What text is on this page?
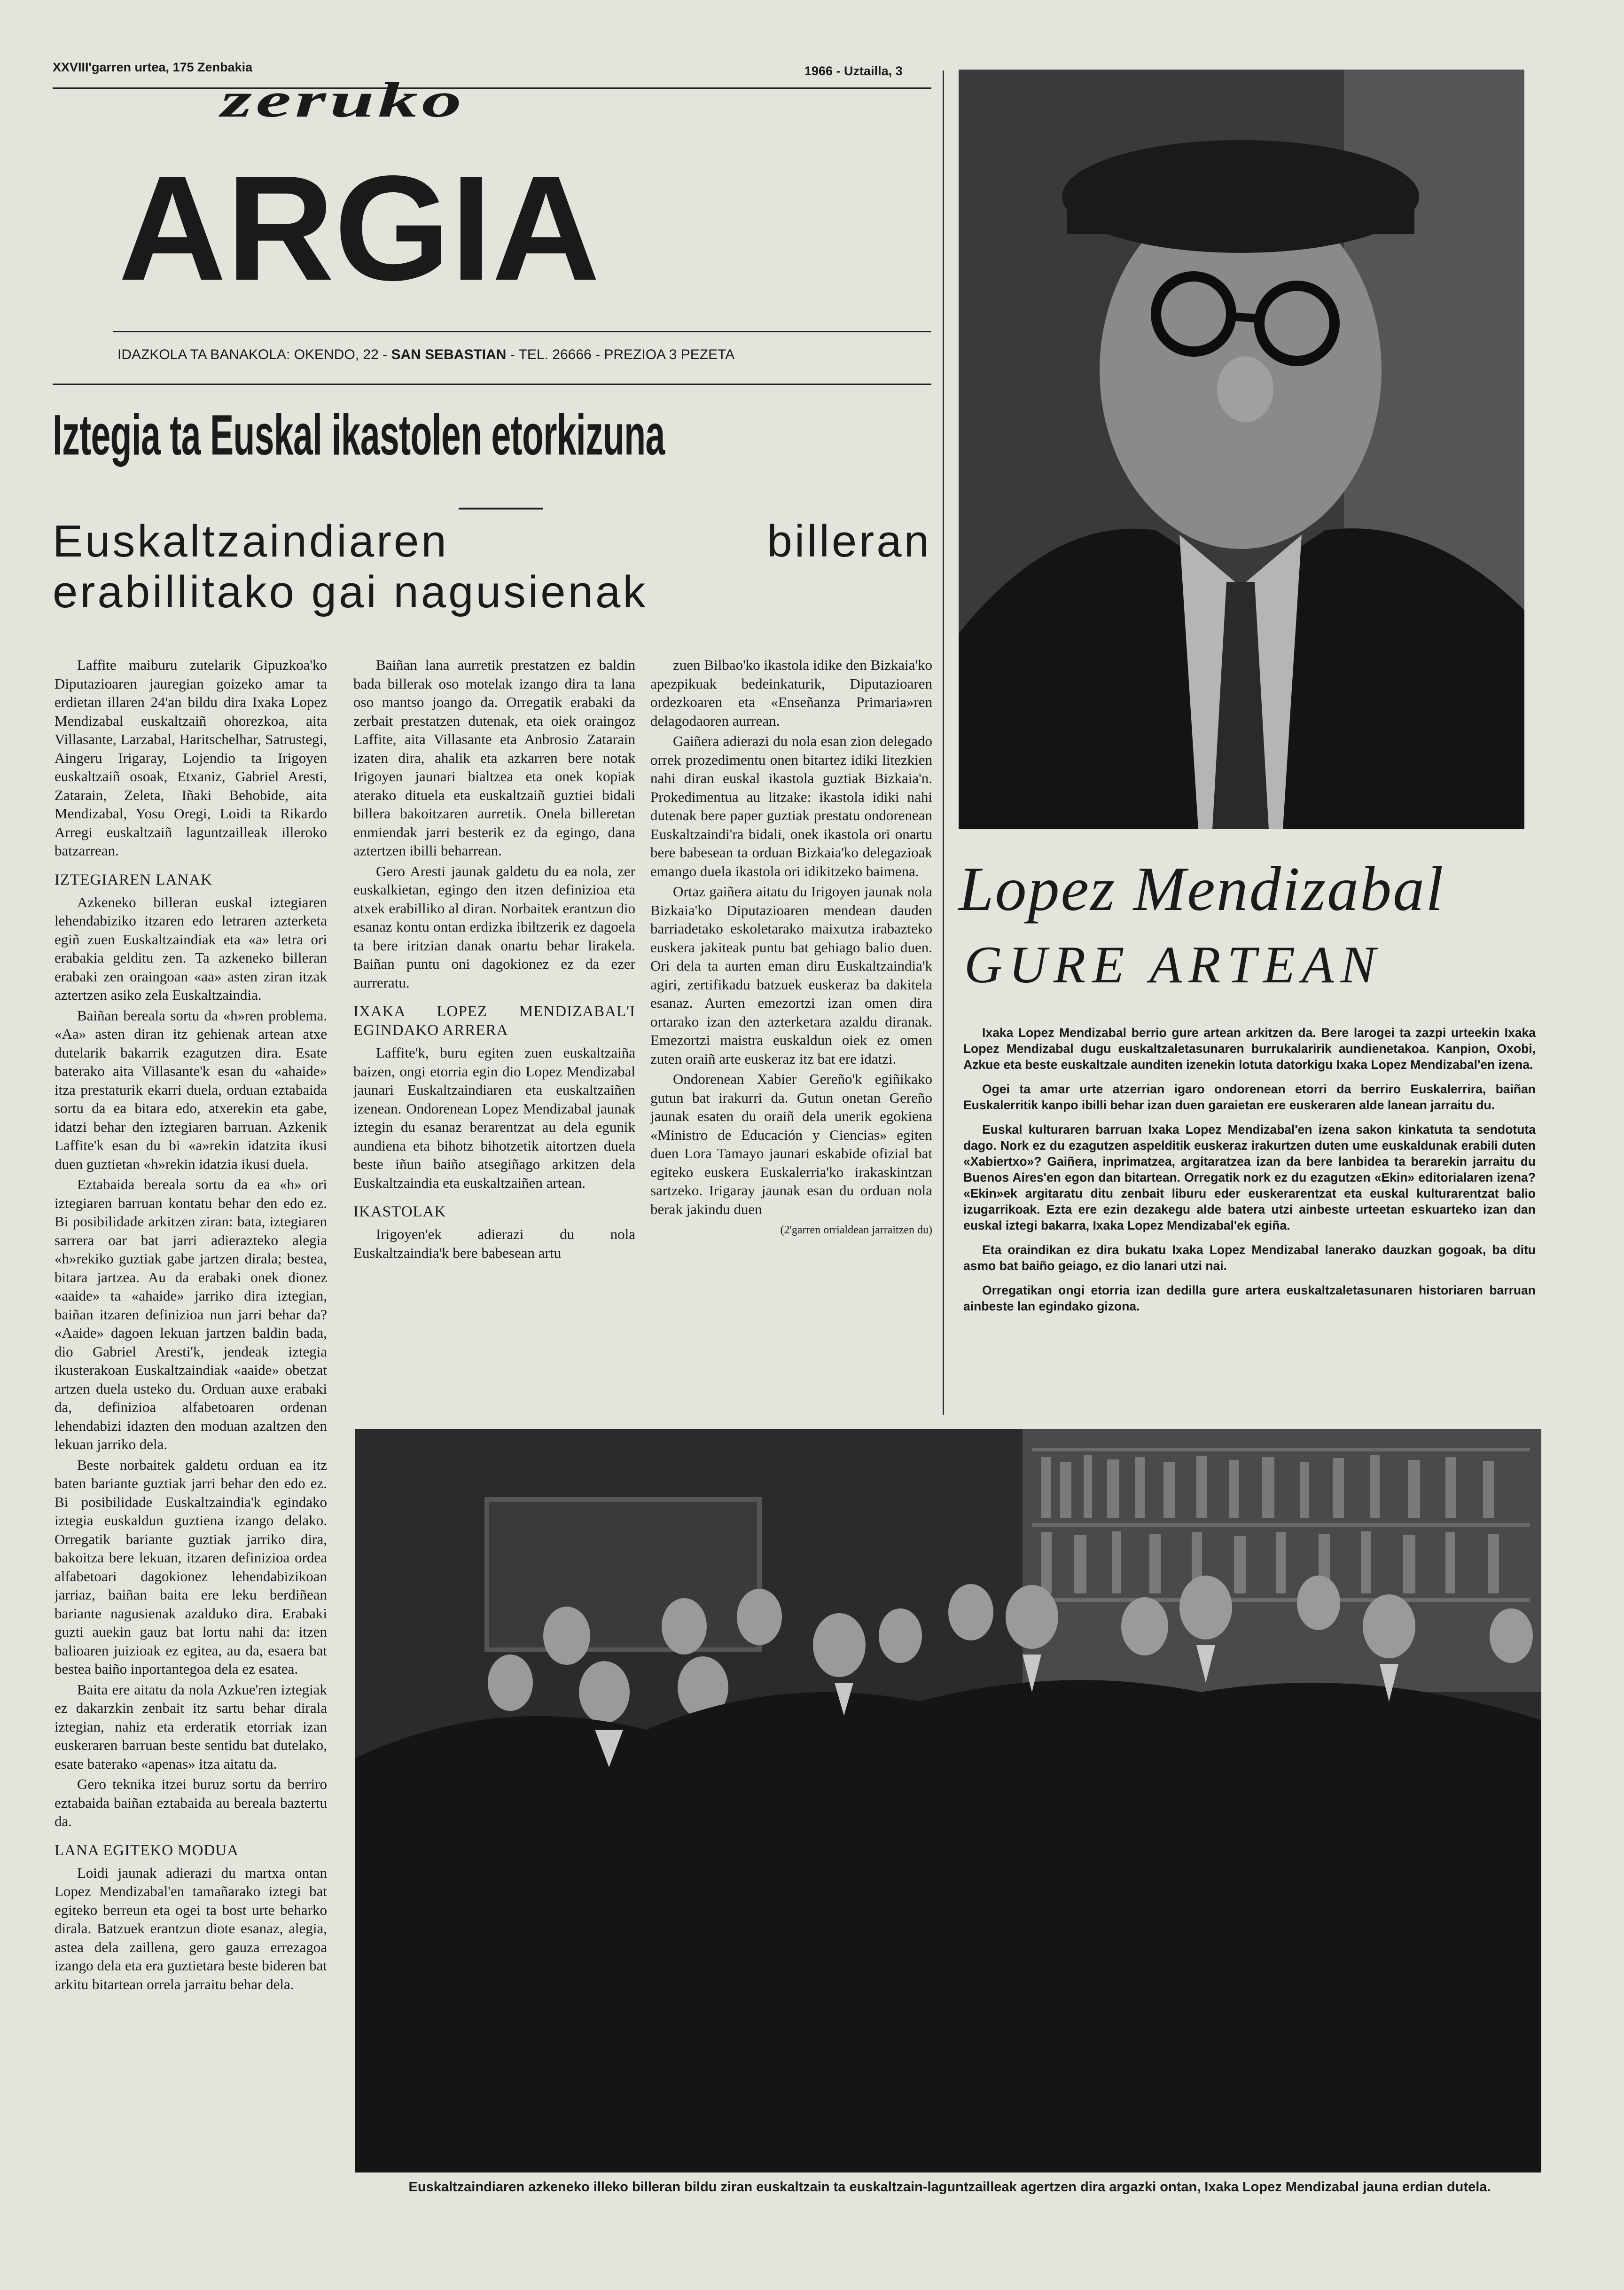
XXVIII'garren urtea, 175 Zenbakia	1966 - Uztailla, 3
zeruko
ARGIA
IDAZKOLA TA BANAKOLA: OKENDO, 22 - SAN SEBASTIAN - TEL. 26666 - PREZIOA 3 PEZETA
Iztegia ta Euskal ikastolen etorkizuna
Euskaltzaindiaren	billeran
erabillitako gai nagusienak

Laffite maiburu zutelarik Gipuzkoa'ko Diputazioaren jauregian goizeko amar ta erdietan illaren 24'an bildu dira Ixaka Lopez Mendizabal euskaltzaiñ ohorezkoa, aita Villasante, Larzabal, Haritschelhar, Satrustegi, Aingeru Irigaray, Lojendio ta Irigoyen euskaltzaiñ osoak, Etxaniz, Gabriel Aresti, Zatarain, Zeleta, Iñaki Behobide, aita Mendizabal, Yosu Oregi, Loidi ta Rikardo Arregi euskaltzaiñ laguntzailleak illeroko batzarrean.

IZTEGIAREN LANAK

Azkeneko billeran euskal iztegiaren lehendabiziko itzaren edo letraren azterketa egiñ zuen Euskaltzaindiak eta «a» letra ori erabakia gelditu zen. Ta azkeneko billeran erabaki zen oraingoan «aa» asten ziran itzak aztertzen asiko zela Euskaltzaindia.

Baiñan bereala sortu da «h»ren problema. «Aa» asten diran itz gehienak artean atxe dutelarik bakarrik ezagutzen dira. Esate baterako aita Villasante'k esan du «ahaide» itza prestaturik ekarri duela, orduan eztabaida sortu da ea bitara edo, atxerekin eta gabe, idatzi behar den iztegiaren barruan. Azkenik Laffite'k esan du bi «a»rekin idatzita ikusi duen guztietan «h»rekin idatzia ikusi duela.

Eztabaida bereala sortu da ea «h» ori iztegiaren barruan kontatu behar den edo ez. Bi posibilidade arkitzen ziran: bata, iztegiaren sarrera oar bat jarri adierazteko alegia «h»rekiko guztiak gabe jartzen dirala; bestea, bitara jartzea. Au da erabaki onek dionez «aaide» ta «ahaide» jarriko dira iztegian, baiñan itzaren definizioa nun jarri behar da? «Aaide» dagoen lekuan jartzen baldin bada, dio Gabriel Aresti'k, jendeak iztegia ikusterakoan Euskaltzaindiak «aaide» obetzat artzen duela usteko du. Orduan auxe erabaki da, definizioa alfabetoaren ordenan lehendabizi idazten den moduan azaltzen den lekuan jarriko dela.

Beste norbaitek galdetu orduan ea itz baten bariante guztiak jarri behar den edo ez. Bi posibilidade Euskaltzaindia'k egindako iztegia euskaldun guztiena izango delako. Orregatik bariante guztiak jarriko dira, bakoitza bere lekuan, itzaren definizioa ordea alfabetoari dagokionez lehendabizikoan jarriaz, baiñan baita ere leku berdiñean bariante nagusienak azalduko dira. Erabaki guzti auekin gauz bat lortu nahi da: itzen balioaren juizioak ez egitea, au da, esaera bat bestea baiño inportantegoa dela ez esatea.

Baita ere aitatu da nola Azkue'ren iztegiak ez dakarzkin zenbait itz sartu behar dirala iztegian, nahiz eta erderatik etorriak izan euskeraren barruan beste sentidu bat dutelako, esate baterako «apenas» itza aitatu da.

Gero teknika itzei buruz sortu da berriro eztabaida baiñan eztabaida au bereala baztertu da.

LANA EGITEKO MODUA

Loidi jaunak adierazi du martxa ontan Lopez Mendizabal'en tamañarako iztegi bat egiteko berreun eta ogei ta bost urte beharko dirala. Batzuek erantzun diote esanaz, alegia, astea dela zaillena, gero gauza errezagoa izango dela eta era guztietara beste bideren bat arkitu bitartean orrela jarraitu behar dela.

Baiñan lana aurretik prestatzen ez baldin bada billerak oso motelak izango dira ta lana oso mantso joango da. Orregatik erabaki da zerbait prestatzen dutenak, eta oiek oraingoz Laffite, aita Villasante eta Anbrosio Zatarain izaten dira, ahalik eta azkarren bere notak Irigoyen jaunari bialtzea eta onek kopiak aterako dituela eta euskaltzaiñ guztiei bidali billera bakoitzaren aurretik. Onela billeretan enmiendak jarri besterik ez da egingo, dana aztertzen ibilli beharrean.

Gero Aresti jaunak galdetu du ea nola, zer euskalkietan, egingo den itzen definizioa eta atxek erabilliko al diran. Norbaitek erantzun dio esanaz kontu ontan erdizka ibiltzerik ez dagoela ta bere iritzian danak onartu behar lirakela. Baiñan puntu oni dagokionez ez da ezer aurreratu.

IXAKA LOPEZ MENDIZABAL'I EGINDAKO ARRERA

Laffite'k, buru egiten zuen euskaltzaiña baizen, ongi etorria egin dio Lopez Mendizabal jaunari Euskaltzaindiaren eta euskaltzaiñen izenean. Ondorenean Lopez Mendizabal jaunak iztegin du esanaz berarentzat au dela egunik aundiena eta bihotz bihotzetik aitortzen duela beste iñun baiño atsegiñago arkitzen dela Euskaltzaindia eta euskaltzaiñen artean.

IKASTOLAK

Irigoyen'ek adierazi du nola Euskaltzaindia'k bere babesean artu

zuen Bilbao'ko ikastola idike den Bizkaia'ko apezpikuak bedeinkaturik, Diputazioaren ordezkoaren eta «Enseñanza Primaria»ren delagodaoren aurrean.

Gaiñera adierazi du nola esan zion delegado orrek prozedimentu onen bitartez idiki litezkien nahi diran euskal ikastola guztiak Bizkaia'n. Prokedimentua au litzake: ikastola idiki nahi dutenak bere paper guztiak prestatu ondorenean Euskaltzaindi'ra bidali, onek ikastola ori onartu bere babesean ta orduan Bizkaia'ko delegazioak emango duela ikastola ori idikitzeko baimena.

Ortaz gaiñera aitatu du Irigoyen jaunak nola Bizkaia'ko Diputazioaren mendean dauden barriadetako eskoletarako maixutza irabazteko euskera jakiteak puntu bat gehiago balio duen. Ori dela ta aurten eman diru Euskaltzaindia'k agiri, zertifikadu batzuek euskeraz ba dakitela esanaz. Aurten emezortzi izan omen dira ortarako izan den azterketara azaldu diranak. Emezortzi maistra euskaldun oiek ez omen zuten oraiñ arte euskeraz itz bat ere idatzi.

Ondorenean Xabier Gereño'k egiñikako gutun bat irakurri da. Gutun onetan Gereño jaunak esaten du oraiñ dela unerik egokiena «Ministro de Educación y Ciencias» egiten duen Lora Tamayo jaunari eskabide ofizial bat egiteko euskera Euskalerria'ko irakaskintzan sartzeko. Irigaray jaunak esan du orduan nola berak jakindu duen

(2'garren orrialdean jarraitzen du)
Lopez Mendizabal
GURE ARTEAN

Ixaka Lopez Mendizabal berrio gure artean arkitzen da. Bere larogei ta zazpi urteekin Ixaka Lopez Mendizabal dugu euskaltzaletasunaren burrukalaririk aundienetakoa. Kanpion, Oxobi, Azkue eta beste euskaltzale aunditen izenekin lotuta datorkigu Ixaka Lopez Mendizabal'en izena.

Ogei ta amar urte atzerrian igaro ondorenean etorri da berriro Euskalerrira, baiñan Euskalerritik kanpo ibilli behar izan duen garaietan ere euskeraren alde lanean jarraitu du.

Euskal kulturaren barruan Ixaka Lopez Mendizabal'en izena sakon kinkatuta ta sendotuta dago. Nork ez du ezagutzen aspelditik euskeraz irakurtzen duten ume euskaldunak erabili duten «Xabiertxo»? Gaiñera, inprimatzea, argitaratzea izan da bere lanbidea ta berarekin jarraitu du Buenos Aires'en egon dan bitartean. Orregatik nork ez du ezagutzen «Ekin» editorialaren izena? «Ekin»ek argitaratu ditu zenbait liburu eder euskerarentzat eta euskal kulturarentzat balio izugarrikoak. Ezta ere ezin dezakegu alde batera utzi ainbeste urteetan eskuarteko izan dan euskal iztegi bakarra, Ixaka Lopez Mendizabal'ek egiña.

Eta oraindikan ez dira bukatu Ixaka Lopez Mendizabal lanerako dauzkan gogoak, ba ditu asmo bat baiño geiago, ez dio lanari utzi nai.

Orregatikan ongi etorria izan dedilla gure artera euskaltzaletasunaren historiaren barruan ainbeste lan egindako gizona.

Euskaltzaindiaren azkeneko illeko billeran bildu ziran euskaltzain ta euskaltzain-laguntzailleak agertzen dira argazki ontan, Ixaka Lopez Mendizabal jauna erdian dutela.
